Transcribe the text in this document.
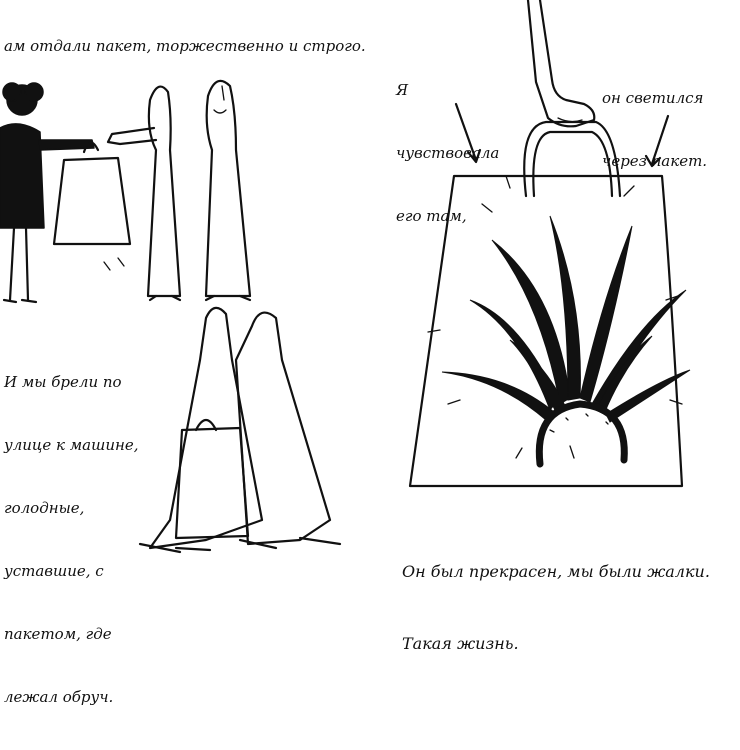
ам отдали пакет, торжественно и строго.

И мы брели по

улице к машине,

голодные,

уставшие, с

пакетом, где

лежал обруч.

Я

чувствовала

его там,

он светился

через пакет.

Он был прекрасен, мы были жалки.

Такая жизнь.
